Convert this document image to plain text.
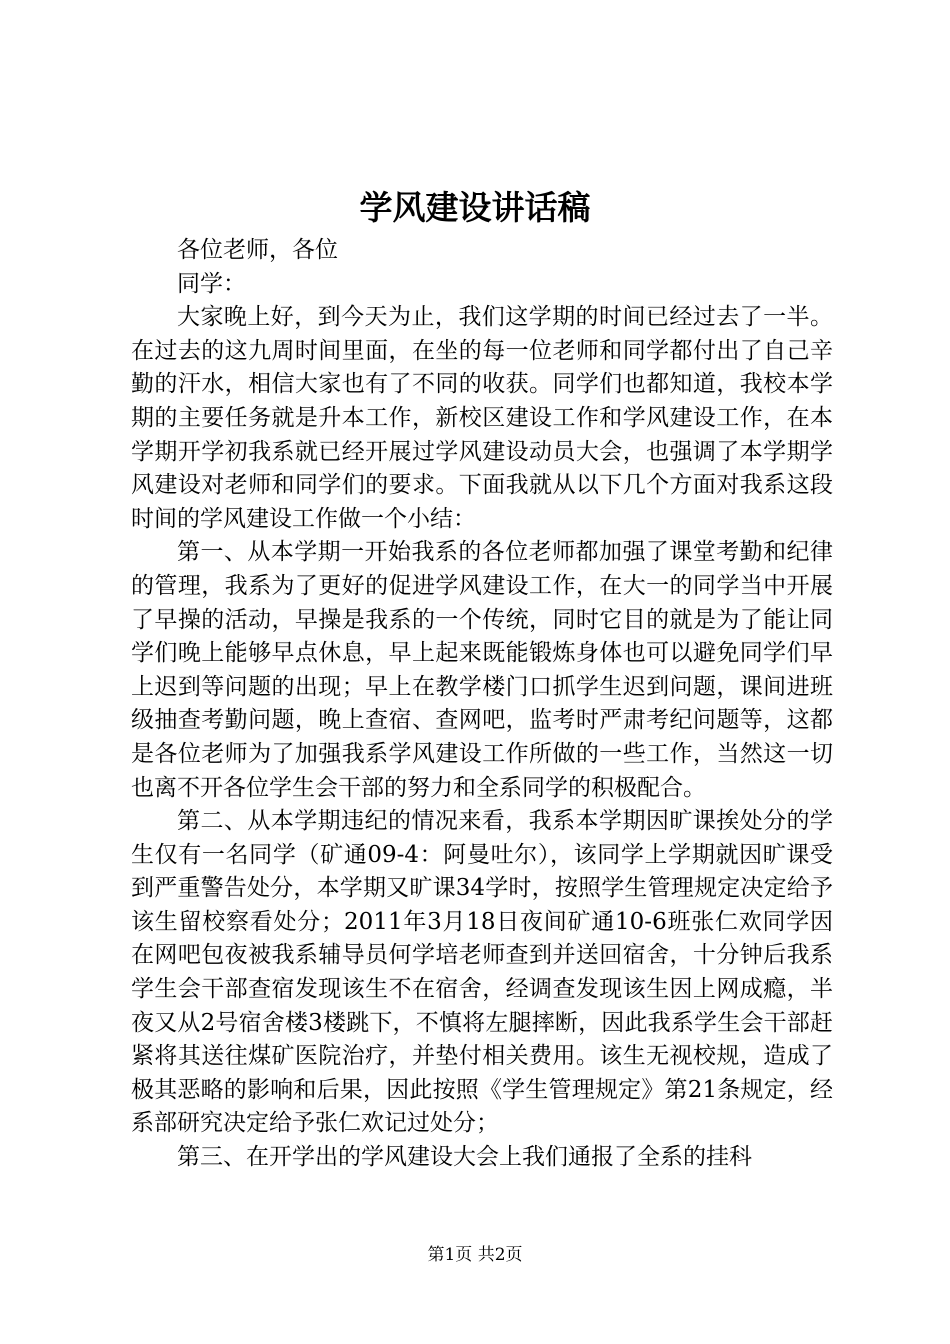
学风建设讲话稿

各位老师，各位

同学：

大家晚上好，到今天为止，我们这学期的时间已经过去了一半。在过去的这九周时间里面，在坐的每一位老师和同学都付出了自己辛勤的汗水，相信大家也有了不同的收获。同学们也都知道，我校本学期的主要任务就是升本工作，新校区建设工作和学风建设工作，在本学期开学初我系就已经开展过学风建设动员大会，也强调了本学期学风建设对老师和同学们的要求。下面我就从以下几个方面对我系这段时间的学风建设工作做一个小结：

第一、从本学期一开始我系的各位老师都加强了课堂考勤和纪律的管理，我系为了更好的促进学风建设工作，在大一的同学当中开展了早操的活动，早操是我系的一个传统，同时它目的就是为了能让同学们晚上能够早点休息，早上起来既能锻炼身体也可以避免同学们早上迟到等问题的出现；早上在教学楼门口抓学生迟到问题，课间进班级抽查考勤问题，晚上查宿、查网吧，监考时严肃考纪问题等，这都是各位老师为了加强我系学风建设工作所做的一些工作，当然这一切也离不开各位学生会干部的努力和全系同学的积极配合。

第二、从本学期违纪的情况来看，我系本学期因旷课挨处分的学生仅有一名同学（矿通09-4：阿曼吐尔），该同学上学期就因旷课受到严重警告处分，本学期又旷课34学时，按照学生管理规定决定给予该生留校察看处分；2011年3月18日夜间矿通10-6班张仁欢同学因在网吧包夜被我系辅导员何学培老师查到并送回宿舍，十分钟后我系学生会干部查宿发现该生不在宿舍，经调查发现该生因上网成瘾，半夜又从2号宿舍楼3楼跳下，不慎将左腿摔断，因此我系学生会干部赶紧将其送往煤矿医院治疗，并垫付相关费用。该生无视校规，造成了极其恶略的影响和后果，因此按照《学生管理规定》第21条规定，经系部研究决定给予张仁欢记过处分；

第三、在开学出的学风建设大会上我们通报了全系的挂科

第1页 共2页
